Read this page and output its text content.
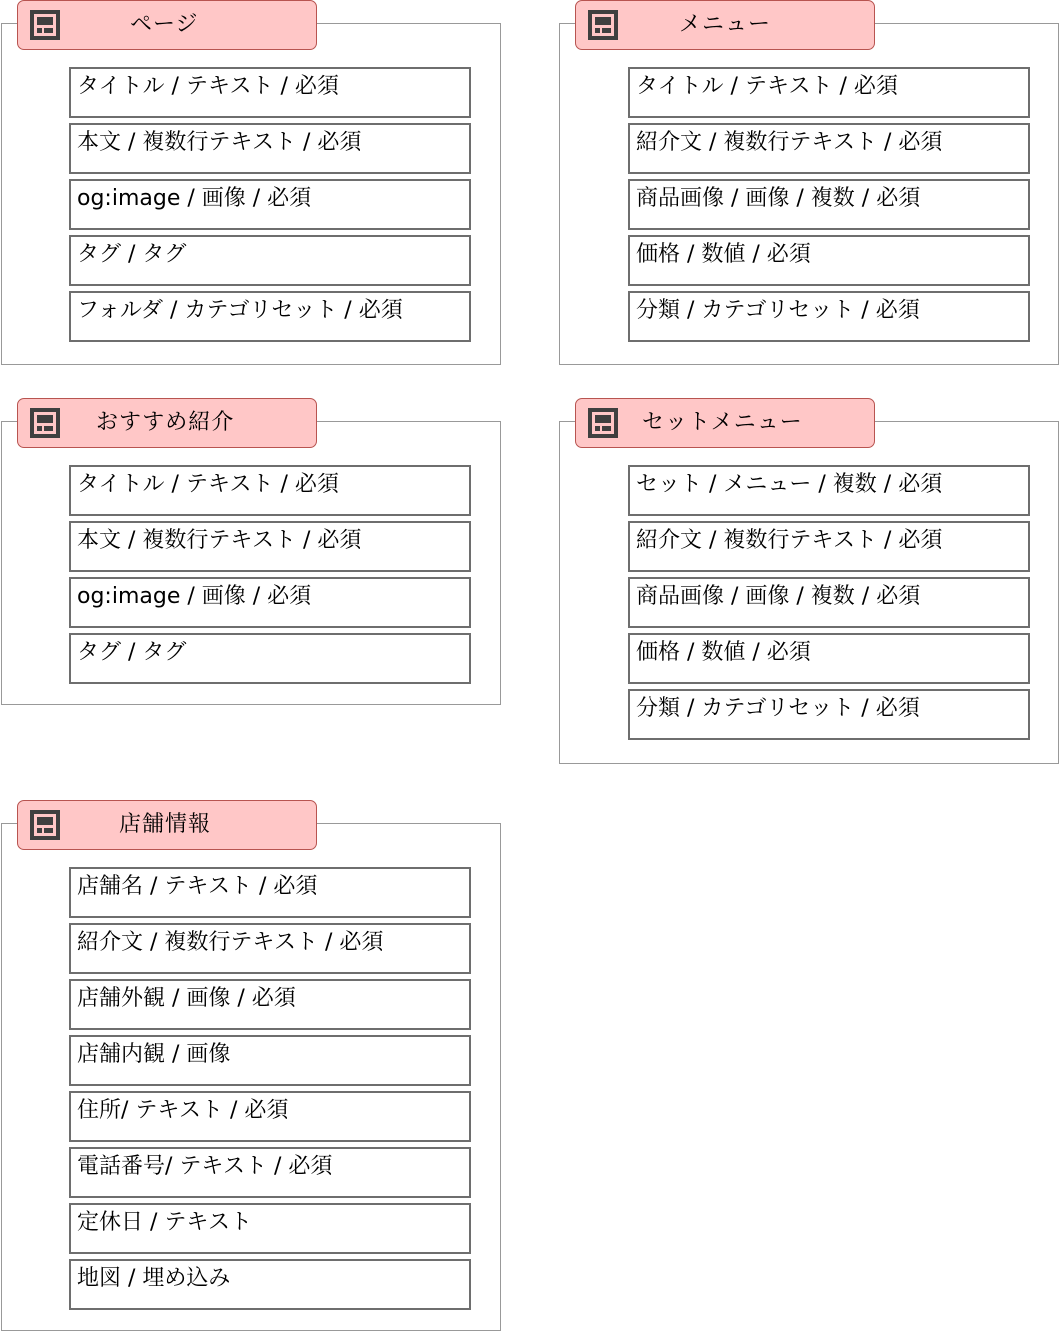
ページ
タイトル / テキスト / 必須
本文 / 複数行テキスト / 必須
og:image / 画像 / 必須
タグ / タグ
フォルダ / カテゴリセット / 必須
メニュー
タイトル / テキスト / 必須
紹介文 / 複数行テキスト / 必須
商品画像 / 画像 / 複数 / 必須
価格 / 数値 / 必須
分類 / カテゴリセット / 必須
おすすめ紹介
タイトル / テキスト / 必須
本文 / 複数行テキスト / 必須
og:image / 画像 / 必須
タグ / タグ
セットメニュー
セット / メニュー / 複数 / 必須
紹介文 / 複数行テキスト / 必須
商品画像 / 画像 / 複数 / 必須
価格 / 数値 / 必須
分類 / カテゴリセット / 必須
店舗情報
店舗名 / テキスト / 必須
紹介文 / 複数行テキスト / 必須
店舗外観 / 画像 / 必須
店舗内観 / 画像
住所/ テキスト / 必須
電話番号/ テキスト / 必須
定休日 / テキスト
地図 / 埋め込み
